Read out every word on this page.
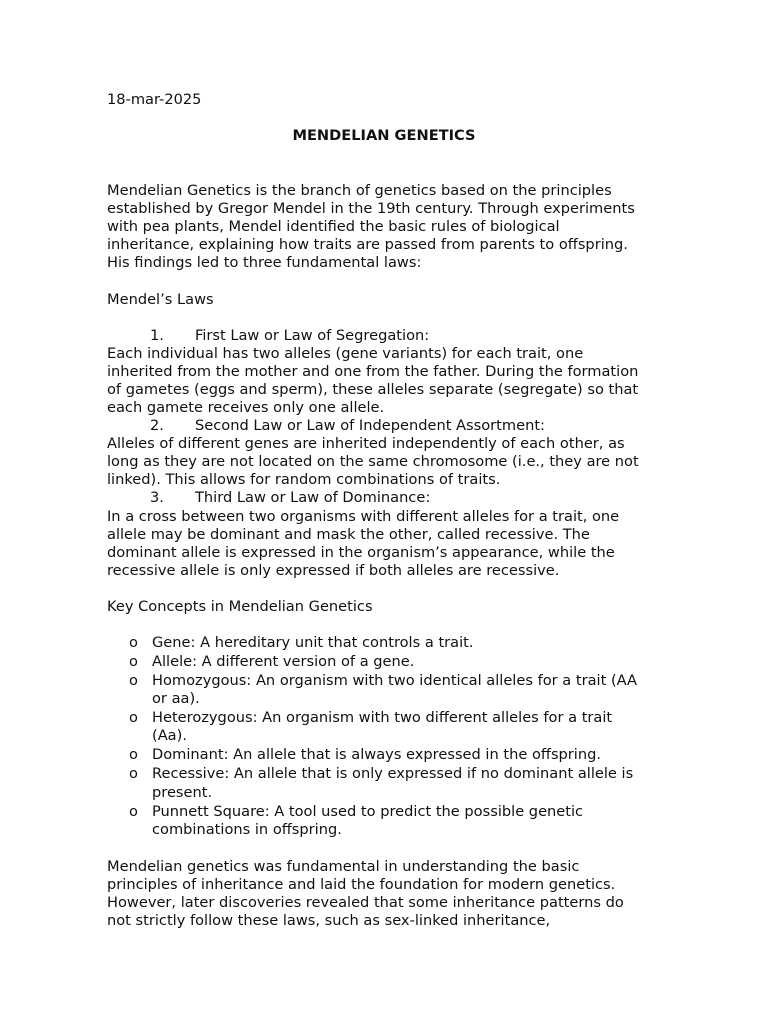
18-mar-2025

MENDELIAN GENETICS

Mendelian Genetics is the branch of genetics based on the principles

established by Gregor Mendel in the 19th century. Through experiments

with pea plants, Mendel identified the basic rules of biological

inheritance, explaining how traits are passed from parents to offspring.

His findings led to three fundamental laws:

Mendel’s Laws

1. First Law or Law of Segregation:

Each individual has two alleles (gene variants) for each trait, one

inherited from the mother and one from the father. During the formation

of gametes (eggs and sperm), these alleles separate (segregate) so that

each gamete receives only one allele.

2. Second Law or Law of Independent Assortment:

Alleles of different genes are inherited independently of each other, as

long as they are not located on the same chromosome (i.e., they are not

linked). This allows for random combinations of traits.

3. Third Law or Law of Dominance:

In a cross between two organisms with different alleles for a trait, one

allele may be dominant and mask the other, called recessive. The

dominant allele is expressed in the organism’s appearance, while the

recessive allele is only expressed if both alleles are recessive.

Key Concepts in Mendelian Genetics

o Gene: A hereditary unit that controls a trait.

o Allele: A different version of a gene.

o Homozygous: An organism with two identical alleles for a trait (AA

or aa).

o Heterozygous: An organism with two different alleles for a trait

(Aa).

o Dominant: An allele that is always expressed in the offspring.

o Recessive: An allele that is only expressed if no dominant allele is

present.

o Punnett Square: A tool used to predict the possible genetic

combinations in offspring.

Mendelian genetics was fundamental in understanding the basic

principles of inheritance and laid the foundation for modern genetics.

However, later discoveries revealed that some inheritance patterns do

not strictly follow these laws, such as sex-linked inheritance,
